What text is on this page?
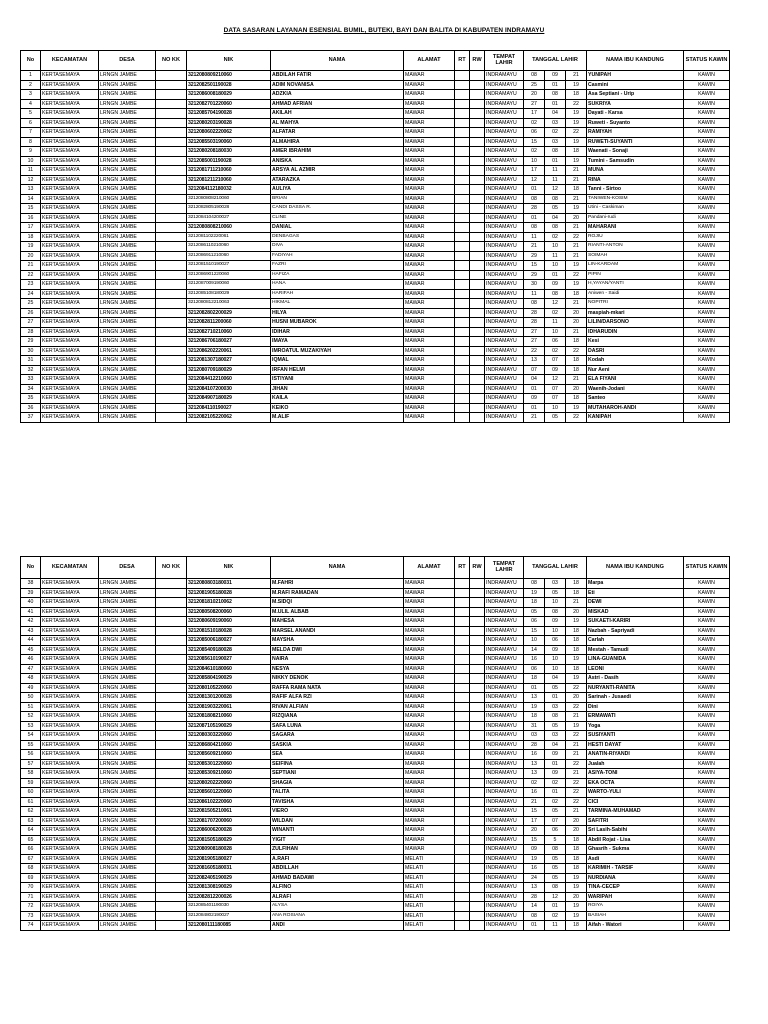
DATA SASARAN LAYANAN ESENSIAL BUMIL, BUTEKI, BAYI DAN BALITA DI KABUPATEN INDRAMAYU
No	KECAMATAN	DESA	NO KK	NIK	NAMA	ALAMAT	RT	RW	TEMPAT LAHIR	TANGGAL LAHIR			NAMA IBU KANDUNG	STATUS KAWIN
1	KERTASEMAYA	LRNGN JAMBE		3212080809210060	ABDILAH FATIR	MAWAR			INDRAMAYU	08	09	21	YUNIPAH	KAWIN
2	KERTASEMAYA	LRNGN JAMBE		3212082501190028	ADIM NOVANISA	MAWAR			INDRAMAYU	25	01	19	Casmini	KAWIN
3	KERTASEMAYA	LRNGN JAMBE		3212086008180029	ADZKIA	MAWAR			INDRAMAYU	20	08	18	Asa Septiani - Urip	KAWIN
4	KERTASEMAYA	LRNGN JAMBE		3212082701220060	AHMAD AFRIAN	MAWAR			INDRAMAYU	27	01	22	SUKRIYA	KAWIN
5	KERTASEMAYA	LRNGN JAMBE		3212085704190028	AKILAH	MAWAR			INDRAMAYU	17	04	19	Dayati - Karsa	KAWIN
6	KERTASEMAYA	LRNGN JAMBE		3212080203190028	AL MAHYA	MAWAR			INDRAMAYU	02	03	19	Ruweti - Suyanto	KAWIN
7	KERTASEMAYA	LRNGN JAMBE		3212080602220062	ALFATAR	MAWAR			INDRAMAYU	06	02	22	RAMIYAH	KAWIN
8	KERTASEMAYA	LRNGN JAMBE		3212085503190060	ALMAHIRA	MAWAR			INDRAMAYU	15	03	19	RUWETI-SUYANTI	KAWIN
9	KERTASEMAYA	LRNGN JAMBE		3212080208180030	AMER IBRAHIM	MAWAR			INDRAMAYU	02	08	18	Waenati - Sonaji	KAWIN
10	KERTASEMAYA	LRNGN JAMBE		3212085001190028	ANISKA	MAWAR			INDRAMAYU	10	01	19	Tumini - Samsudin	KAWIN
11	KERTASEMAYA	LRNGN JAMBE		3212081711210060	ARSYA AL AZMIR	MAWAR			INDRAMAYU	17	11	21	MUNA	KAWIN
12	KERTASEMAYA	LRNGN JAMBE		3212081211210060	ATARAZKA	MAWAR			INDRAMAYU	12	11	21	RINA	KAWIN
13	KERTASEMAYA	LRNGN JAMBE		3212084112180032	AULIYA	MAWAR			INDRAMAYU	01	12	18	Tanni - Sirtoo	KAWIN
14	KERTASEMAYA	LRNGN JAMBE		3212080808210060	BRIAN	MAWAR			INDRAMAYU	08	08	21	TANIWEN-KOSIM	KAWIN
15	KERTASEMAYA	LRNGN JAMBE		3212082805190028	CANDI DASSA R.	MAWAR			INDRAMAYU	28	05	19	Utini - Caskiman	KAWIN
16	KERTASEMAYA	LRNGN JAMBE		3212084104200027	CLINE	MAWAR			INDRAMAYU	01	04	20	Pandani-rudi	KAWIN
17	KERTASEMAYA	LRNGN JAMBE		3212080808210060	DANIAL	MAWAR			INDRAMAYU	08	08	21	MAHARANI	KAWIN
18	KERTASEMAYA	LRNGN JAMBE		3212081102220061	DENBAGAS	MAWAR			INDRAMAYU	11	02	22	ROJIU	KAWIN
19	KERTASEMAYA	LRNGN JAMBE		3212086110210060	DIVA	MAWAR			INDRAMAYU	21	10	21	RIANTI-ANTON	KAWIN
20	KERTASEMAYA	LRNGN JAMBE		3212086911210060	FADIYAH	MAWAR			INDRAMAYU	29	11	21	SOIMAH	KAWIN
21	KERTASEMAYA	LRNGN JAMBE		3212081510190027	FAZRI	MAWAR			INDRAMAYU	15	10	19	LIN-KARDAM	KAWIN
22	KERTASEMAYA	LRNGN JAMBE		3212086901220060	HAFIZA	MAWAR			INDRAMAYU	29	01	22	PIPIN	KAWIN
23	KERTASEMAYA	LRNGN JAMBE		3212087009190060	HANA	MAWAR			INDRAMAYU	30	09	19	H,YAYAN/YANTI	KAWIN
24	KERTASEMAYA	LRNGN JAMBE		3212085108180029	HARIFAH	MAWAR			INDRAMAYU	11	08	18	Aniwen - Saidi	KAWIN
25	KERTASEMAYA	LRNGN JAMBE		3212080812210063	HIKMAL	MAWAR			INDRAMAYU	08	12	21	NOPITRI	KAWIN
26	KERTASEMAYA	LRNGN JAMBE		3212082802200029	HILYA	MAWAR			INDRAMAYU	28	02	20	maspiah-mkari	KAWIN
27	KERTASEMAYA	LRNGN JAMBE		3212082811200060	HUSNI MUBAROK	MAWAR			INDRAMAYU	28	11	20	LILIN/DARSONO	KAWIN
28	KERTASEMAYA	LRNGN JAMBE		3212082710210060	IDIHAR	MAWAR			INDRAMAYU	27	10	21	IDHARUDIN	KAWIN
29	KERTASEMAYA	LRNGN JAMBE		3212086706180027	IMAYA	MAWAR			INDRAMAYU	27	06	18	Kesi	KAWIN
30	KERTASEMAYA	LRNGN JAMBE		3212086202220061	IMROATUL MUZAKIYAH	MAWAR			INDRAMAYU	22	02	22	DASRI	KAWIN
31	KERTASEMAYA	LRNGN JAMBE		3212081307180027	IQMAL	MAWAR			INDRAMAYU	13	07	18	Kodah	KAWIN
32	KERTASEMAYA	LRNGN JAMBE		3212080709180029	IRFAN HELMI	MAWAR			INDRAMAYU	07	09	18	Nur Aeni	KAWIN
33	KERTASEMAYA	LRNGN JAMBE		3212084412210060	ISTIYANI	MAWAR			INDRAMAYU	04	12	21	ELA FIYANI	KAWIN
34	KERTASEMAYA	LRNGN JAMBE		3212084107200030	JIHAN	MAWAR			INDRAMAYU	01	07	20	Waenih-Jodani	KAWIN
35	KERTASEMAYA	LRNGN JAMBE		3212084907180029	KAILA	MAWAR			INDRAMAYU	09	07	18	Santeo	KAWIN
36	KERTASEMAYA	LRNGN JAMBE		3212084110190027	KEIKO	MAWAR			INDRAMAYU	01	10	19	MUTAHAROH-ANDI	KAWIN
37	KERTASEMAYA	LRNGN JAMBE		3212082105220062	M.ALIF	MAWAR			INDRAMAYU	21	05	22	KANIPAH	KAWIN
No	KECAMATAN	DESA	NO KK	NIK	NAMA	ALAMAT	RT	RW	TEMPAT LAHIR	TANGGAL LAHIR			NAMA IBU KANDUNG	STATUS KAWIN
38	KERTASEMAYA	LRNGN JAMBE		3212080803180031	M.FAHRI	MAWAR			INDRAMAYU	08	03	18	Marpa	KAWIN
39	KERTASEMAYA	LRNGN JAMBE		3212081905180028	M.RAFI RAMADAN	MAWAR			INDRAMAYU	19	05	18	Eti	KAWIN
40	KERTASEMAYA	LRNGN JAMBE		3212081810210062	M.SIDQI	MAWAR			INDRAMAYU	18	10	21	DEWI	KAWIN
41	KERTASEMAYA	LRNGN JAMBE		3212080508200060	M.ULIL ALBAB	MAWAR			INDRAMAYU	05	08	20	MISKAD	KAWIN
42	KERTASEMAYA	LRNGN JAMBE		3212080609190060	MAHESA	MAWAR			INDRAMAYU	06	09	19	SUKAETI-KARIRI	KAWIN
43	KERTASEMAYA	LRNGN JAMBE		3212081510180028	MARSEL ANANDI	MAWAR			INDRAMAYU	15	10	18	Nazbah - Sapriyadi	KAWIN
44	KERTASEMAYA	LRNGN JAMBE		3212085006180027	MAYSHA	MAWAR			INDRAMAYU	10	06	18	Carlah	KAWIN
45	KERTASEMAYA	LRNGN JAMBE		3212085409180028	MELDA DWI	MAWAR			INDRAMAYU	14	09	18	Mestah - Tamudi	KAWIN
46	KERTASEMAYA	LRNGN JAMBE		3212085610190027	NAIRA	MAWAR			INDRAMAYU	16	10	19	LINA-GUANIDA	KAWIN
47	KERTASEMAYA	LRNGN JAMBE		3212084610180060	NESYA	MAWAR			INDRAMAYU	06	10	18	LEONI	KAWIN
48	KERTASEMAYA	LRNGN JAMBE		3212085804190029	NIKKY DENOK	MAWAR			INDRAMAYU	18	04	19	Astri - Dasih	KAWIN
49	KERTASEMAYA	LRNGN JAMBE		3212080105220060	RAFFA RAMA NATA	MAWAR			INDRAMAYU	01	05	22	NURYANTI-RANITA	KAWIN
50	KERTASEMAYA	LRNGN JAMBE		3212081301200028	RAFIF ALFA RZI	MAWAR			INDRAMAYU	13	01	20	Sarinah - Jusaedi	KAWIN
51	KERTASEMAYA	LRNGN JAMBE		3212081903220061	RIVAN ALFIAN	MAWAR			INDRAMAYU	19	03	22	Dini	KAWIN
52	KERTASEMAYA	LRNGN JAMBE		3212081808210060	RIZQIANA	MAWAR			INDRAMAYU	18	08	21	ERMAWATI	KAWIN
53	KERTASEMAYA	LRNGN JAMBE		3212087105190029	SAFA LUNA	MAWAR			INDRAMAYU	31	05	19	Yoga	KAWIN
54	KERTASEMAYA	LRNGN JAMBE		3212080303220060	SAGARA	MAWAR			INDRAMAYU	03	03	22	SUSIYANTI	KAWIN
55	KERTASEMAYA	LRNGN JAMBE		3212086804210060	SASKIA	MAWAR			INDRAMAYU	28	04	21	HESTI DAYAT	KAWIN
56	KERTASEMAYA	LRNGN JAMBE		3212085609210060	SEA	MAWAR			INDRAMAYU	16	09	21	ANATIN-RIYANDI	KAWIN
57	KERTASEMAYA	LRNGN JAMBE		3212085301220060	SEIFINA	MAWAR			INDRAMAYU	13	01	22	Jualah	KAWIN
58	KERTASEMAYA	LRNGN JAMBE		3212085309210060	SEPTIANI	MAWAR			INDRAMAYU	13	09	21	ASIYA-TONI	KAWIN
59	KERTASEMAYA	LRNGN JAMBE		3212080202220060	SHAGIA	MAWAR			INDRAMAYU	02	02	22	EKA OCTA	KAWIN
60	KERTASEMAYA	LRNGN JAMBE		3212085601220060	TALITA	MAWAR			INDRAMAYU	16	01	22	WARTO-YULI	KAWIN
61	KERTASEMAYA	LRNGN JAMBE		3212086102220060	TAVISHA	MAWAR			INDRAMAYU	21	02	22	CICI	KAWIN
62	KERTASEMAYA	LRNGN JAMBE		3212081505210061	VIERO	MAWAR			INDRAMAYU	15	05	21	TARMINA-MUHAMAD	KAWIN
63	KERTASEMAYA	LRNGN JAMBE		3212081707200060	WILDAN	MAWAR			INDRAMAYU	17	07	20	SAFITRI	KAWIN
64	KERTASEMAYA	LRNGN JAMBE		3212086006200028	WINANTI	MAWAR			INDRAMAYU	20	06	20	Sri Lasih-Sabihi	KAWIN
65	KERTASEMAYA	LRNGN JAMBE		3212081505180029	YIGIT	MAWAR			INDRAMAYU	15	5	18	Abdil Rojat - Lisa	KAWIN
66	KERTASEMAYA	LRNGN JAMBE		3212080908180028	ZULFIHAN	MAWAR			INDRAMAYU	09	08	18	Ghasrih - Sukma	KAWIN
67	KERTASEMAYA	LRNGN JAMBE		3212081905180027	A.RAFI	MELATI			INDRAMAYU	19	05	18	Asdi	KAWIN
68	KERTASEMAYA	LRNGN JAMBE		3212081605180031	ABDILLAH	MELATI			INDRAMAYU	16	05	18	KARIMIH - TARSIF	KAWIN
69	KERTASEMAYA	LRNGN JAMBE		3212082405190029	AHMAD BADAWI	MELATI			INDRAMAYU	24	05	19	NURDIANA	KAWIN
70	KERTASEMAYA	LRNGN JAMBE		3212081308190029	ALFINO	MELATI			INDRAMAYU	13	08	19	TINA-CECEP	KAWIN
71	KERTASEMAYA	LRNGN JAMBE		3212082812200026	ALRAFI	MELATI			INDRAMAYU	28	12	20	WARIPAH	KAWIN
72	KERTASEMAYA	LRNGN JAMBE		3212085401190030	ALYSA	MELATI			INDRAMAYU	14	01	19	ROIYA	KAWIN
73	KERTASEMAYA	LRNGN JAMBE		3212084802190027	ANA ROSIANA	MELATI			INDRAMAYU	08	02	19	BASIAH	KAWIN
74	KERTASEMAYA	LRNGN JAMBE		3212080111180085	ANDI	MELATI			INDRAMAYU	01	11	18	Aifah - Watori	KAWIN
